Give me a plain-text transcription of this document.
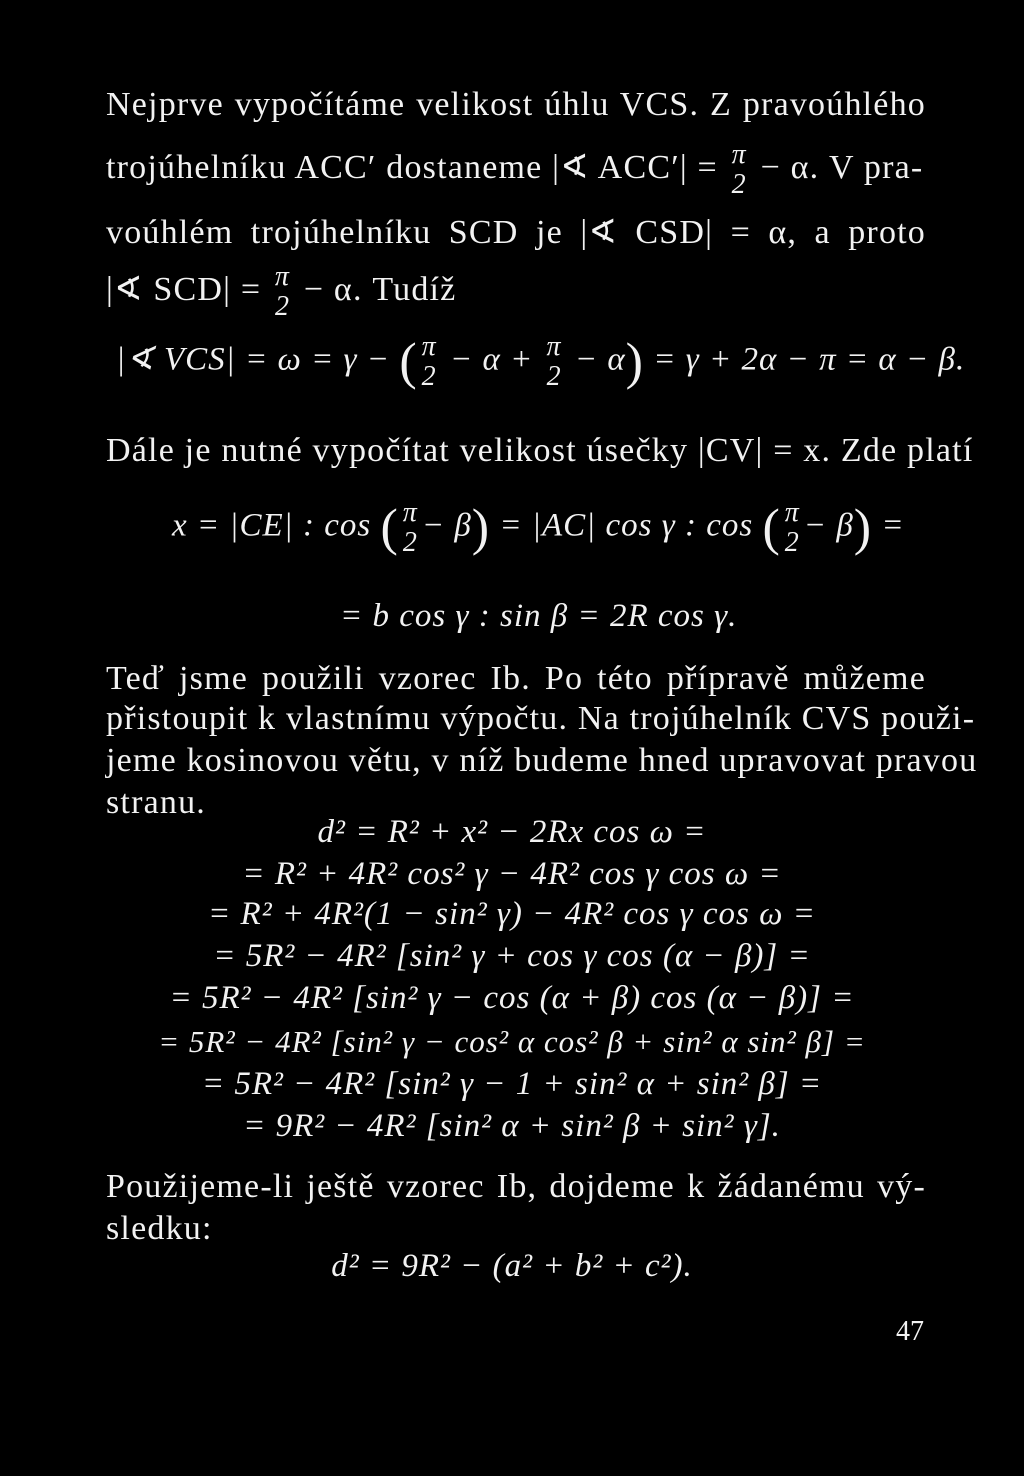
Nejprve vypočítáme velikost úhlu VCS. Z pravoúhlého
trojúhelníku ACC′ dostaneme |∢ ACC′| = π
2 − α. V pra-
voúhlém trojúhelníku SCD je |∢ CSD| = α, a proto
|∢ SCD| = π
2 − α. Tudíž
|∢ VCS| = ω = γ − ( π
2 − α + π
2 − α) = γ + 2α − π = α − β.
Dále je nutné vypočítat velikost úsečky |CV| = x. Zde platí
x = |CE| : cos ( π
2 − β) = |AC| cos γ : cos ( π
2 − β) =
= b cos γ : sin β = 2R cos γ.
Teď jsme použili vzorec Ib. Po této přípravě můžeme
přistoupit k vlastnímu výpočtu. Na trojúhelník CVS použi-
jeme kosinovou větu, v níž budeme hned upravovat pravou
stranu.
d² = R² + x² − 2Rx cos ω =
= R² + 4R² cos² γ − 4R² cos γ cos ω =
= R² + 4R²(1 − sin² γ) − 4R² cos γ cos ω =
= 5R² − 4R² [sin² γ + cos γ cos (α − β)] =
= 5R² − 4R² [sin² γ − cos (α + β) cos (α − β)] =
= 5R² − 4R² [sin² γ − cos² α cos² β + sin² α sin² β] =
= 5R² − 4R² [sin² γ − 1 + sin² α + sin² β] =
= 9R² − 4R² [sin² α + sin² β + sin² γ].
Použijeme-li ještě vzorec Ib, dojdeme k žádanému vý-
sledku:
d² = 9R² − (a² + b² + c²).
47
